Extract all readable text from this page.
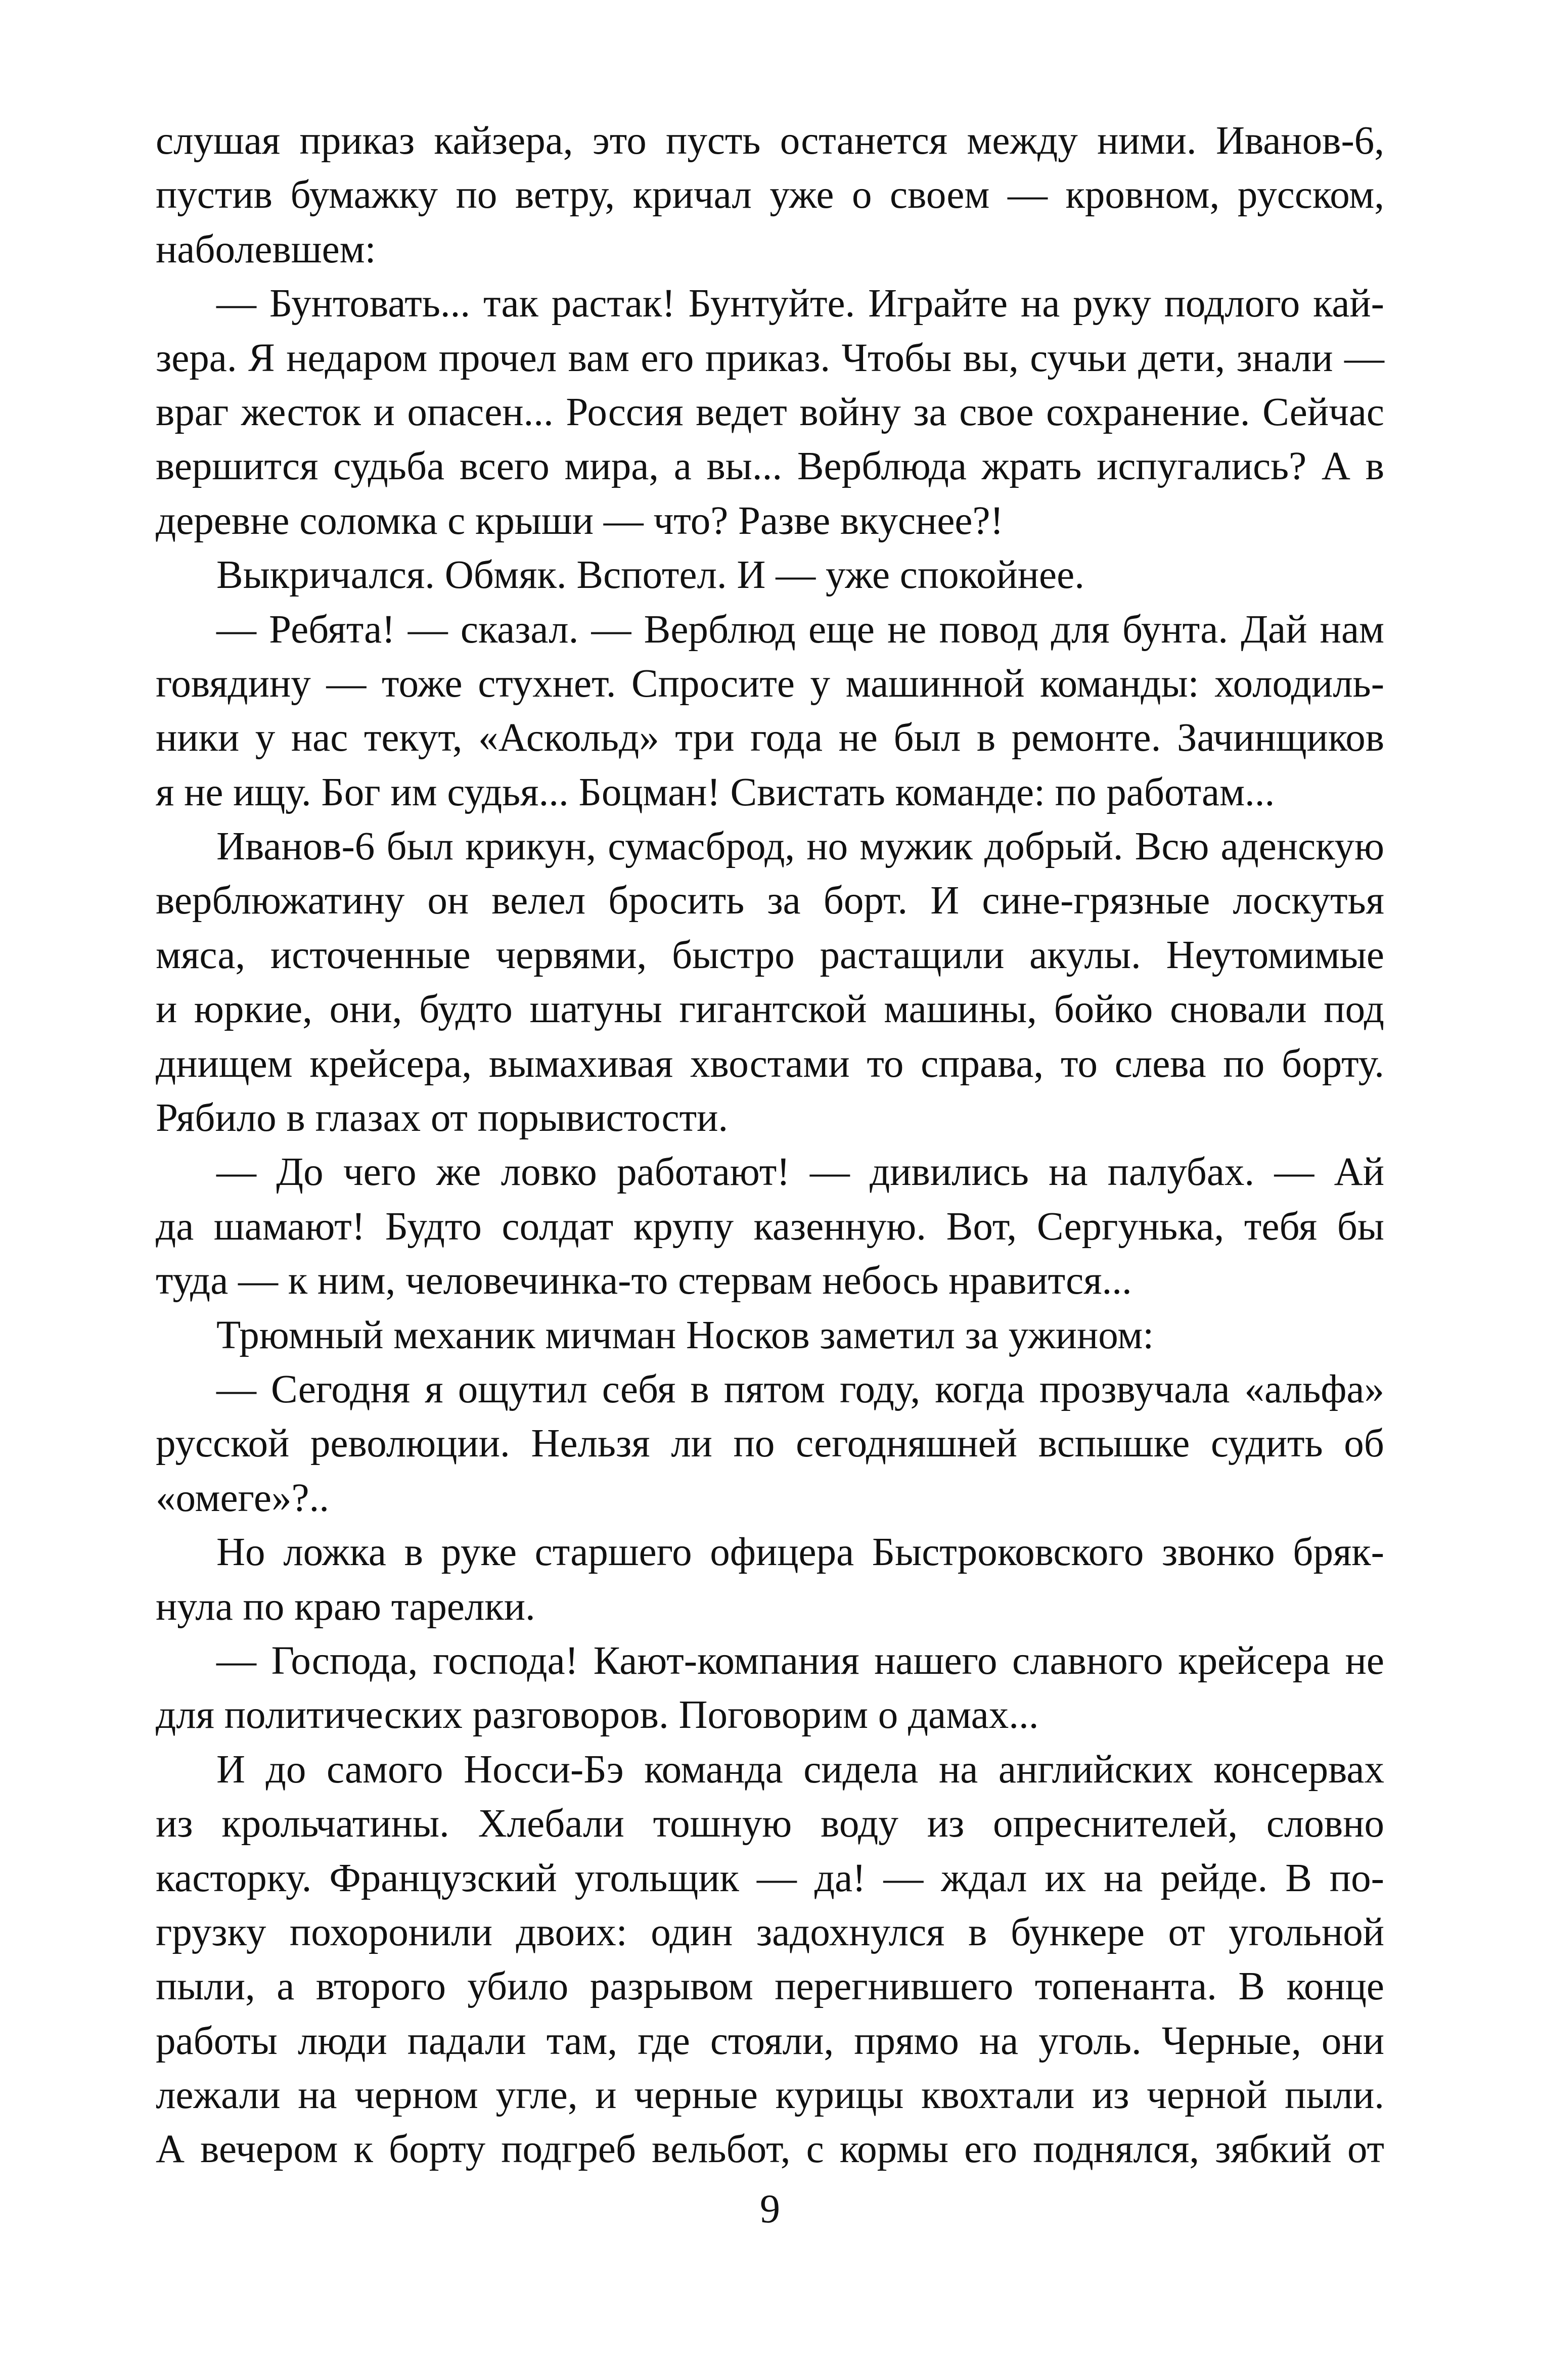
слушая приказ кайзера, это пусть останется между ними. Иванов-6,
пустив бумажку по ветру, кричал уже о своем — кровном, русском,
наболевшем:
— Бунтовать... так растак! Бунтуйте. Играйте на руку подлого кай-
зера. Я недаром прочел вам его приказ. Чтобы вы, сучьи дети, знали —
враг жесток и опасен... Россия ведет войну за свое сохранение. Сейчас
вершится судьба всего мира, а вы... Верблюда жрать испугались? А в
деревне соломка с крыши — что? Разве вкуснее?!
Выкричался. Обмяк. Вспотел. И — уже спокойнее.
— Ребята! — сказал. — Верблюд еще не повод для бунта. Дай нам
говядину — тоже стухнет. Спросите у машинной команды: холодиль-
ники у нас текут, «Аскольд» три года не был в ремонте. Зачинщиков
я не ищу. Бог им судья... Боцман! Свистать команде: по работам...
Иванов-6 был крикун, сумасброд, но мужик добрый. Всю аденскую
верблюжатину он велел бросить за борт. И сине-грязные лоскутья
мяса, источенные червями, быстро растащили акулы. Неутомимые
и юркие, они, будто шатуны гигантской машины, бойко сновали под
днищем крейсера, вымахивая хвостами то справа, то слева по борту.
Рябило в глазах от порывистости.
— До чего же ловко работают! — дивились на палубах. — Ай
да шамают! Будто солдат крупу казенную. Вот, Сергунька, тебя бы
туда — к ним, человечинка-то стервам небось нравится...
Трюмный механик мичман Носков заметил за ужином:
— Сегодня я ощутил себя в пятом году, когда прозвучала «альфа»
русской революции. Нельзя ли по сегодняшней вспышке судить об
«омеге»?..
Но ложка в руке старшего офицера Быстроковского звонко бряк-
нула по краю тарелки.
— Господа, господа! Кают-компания нашего славного крейсера не
для политических разговоров. Поговорим о дамах...
И до самого Носси-Бэ команда сидела на английских консервах
из крольчатины. Хлебали тошную воду из опреснителей, словно
касторку. Французский угольщик — да! — ждал их на рейде. В по-
грузку похоронили двоих: один задохнулся в бункере от угольной
пыли, а второго убило разрывом перегнившего топенанта. В конце
работы люди падали там, где стояли, прямо на уголь. Черные, они
лежали на черном угле, и черные курицы квохтали из черной пыли.
А вечером к борту подгреб вельбот, с кормы его поднялся, зябкий от
9
